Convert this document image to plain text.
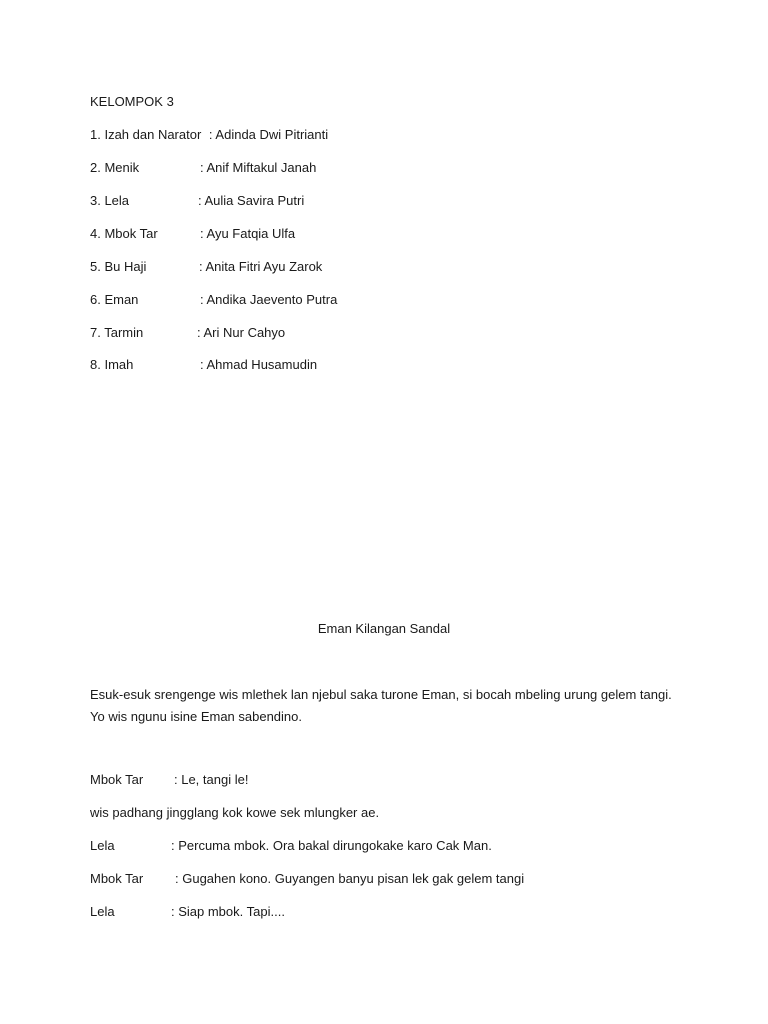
KELOMPOK 3
1. Izah dan Narator : Adinda Dwi Pitrianti
2. Menik	: Anif Miftakul Janah
3. Lela	: Aulia Savira Putri
4. Mbok Tar	: Ayu Fatqia Ulfa
5. Bu Haji	: Anita Fitri Ayu Zarok
6. Eman	: Andika Jaevento Putra
7. Tarmin	: Ari Nur Cahyo
8. Imah	: Ahmad Husamudin
Eman Kilangan Sandal
Esuk-esuk srengenge wis mlethek lan njebul saka turone Eman, si bocah mbeling urung gelem tangi. Yo wis ngunu isine Eman sabendino.
Mbok Tar : Le, tangi le!
wis padhang jingglang kok kowe sek mlungker ae.
Lela	: Percuma mbok. Ora bakal dirungokake karo Cak Man.
Mbok Tar : Gugahen kono. Guyangen banyu pisan lek gak gelem tangi
Lela	: Siap mbok. Tapi....
